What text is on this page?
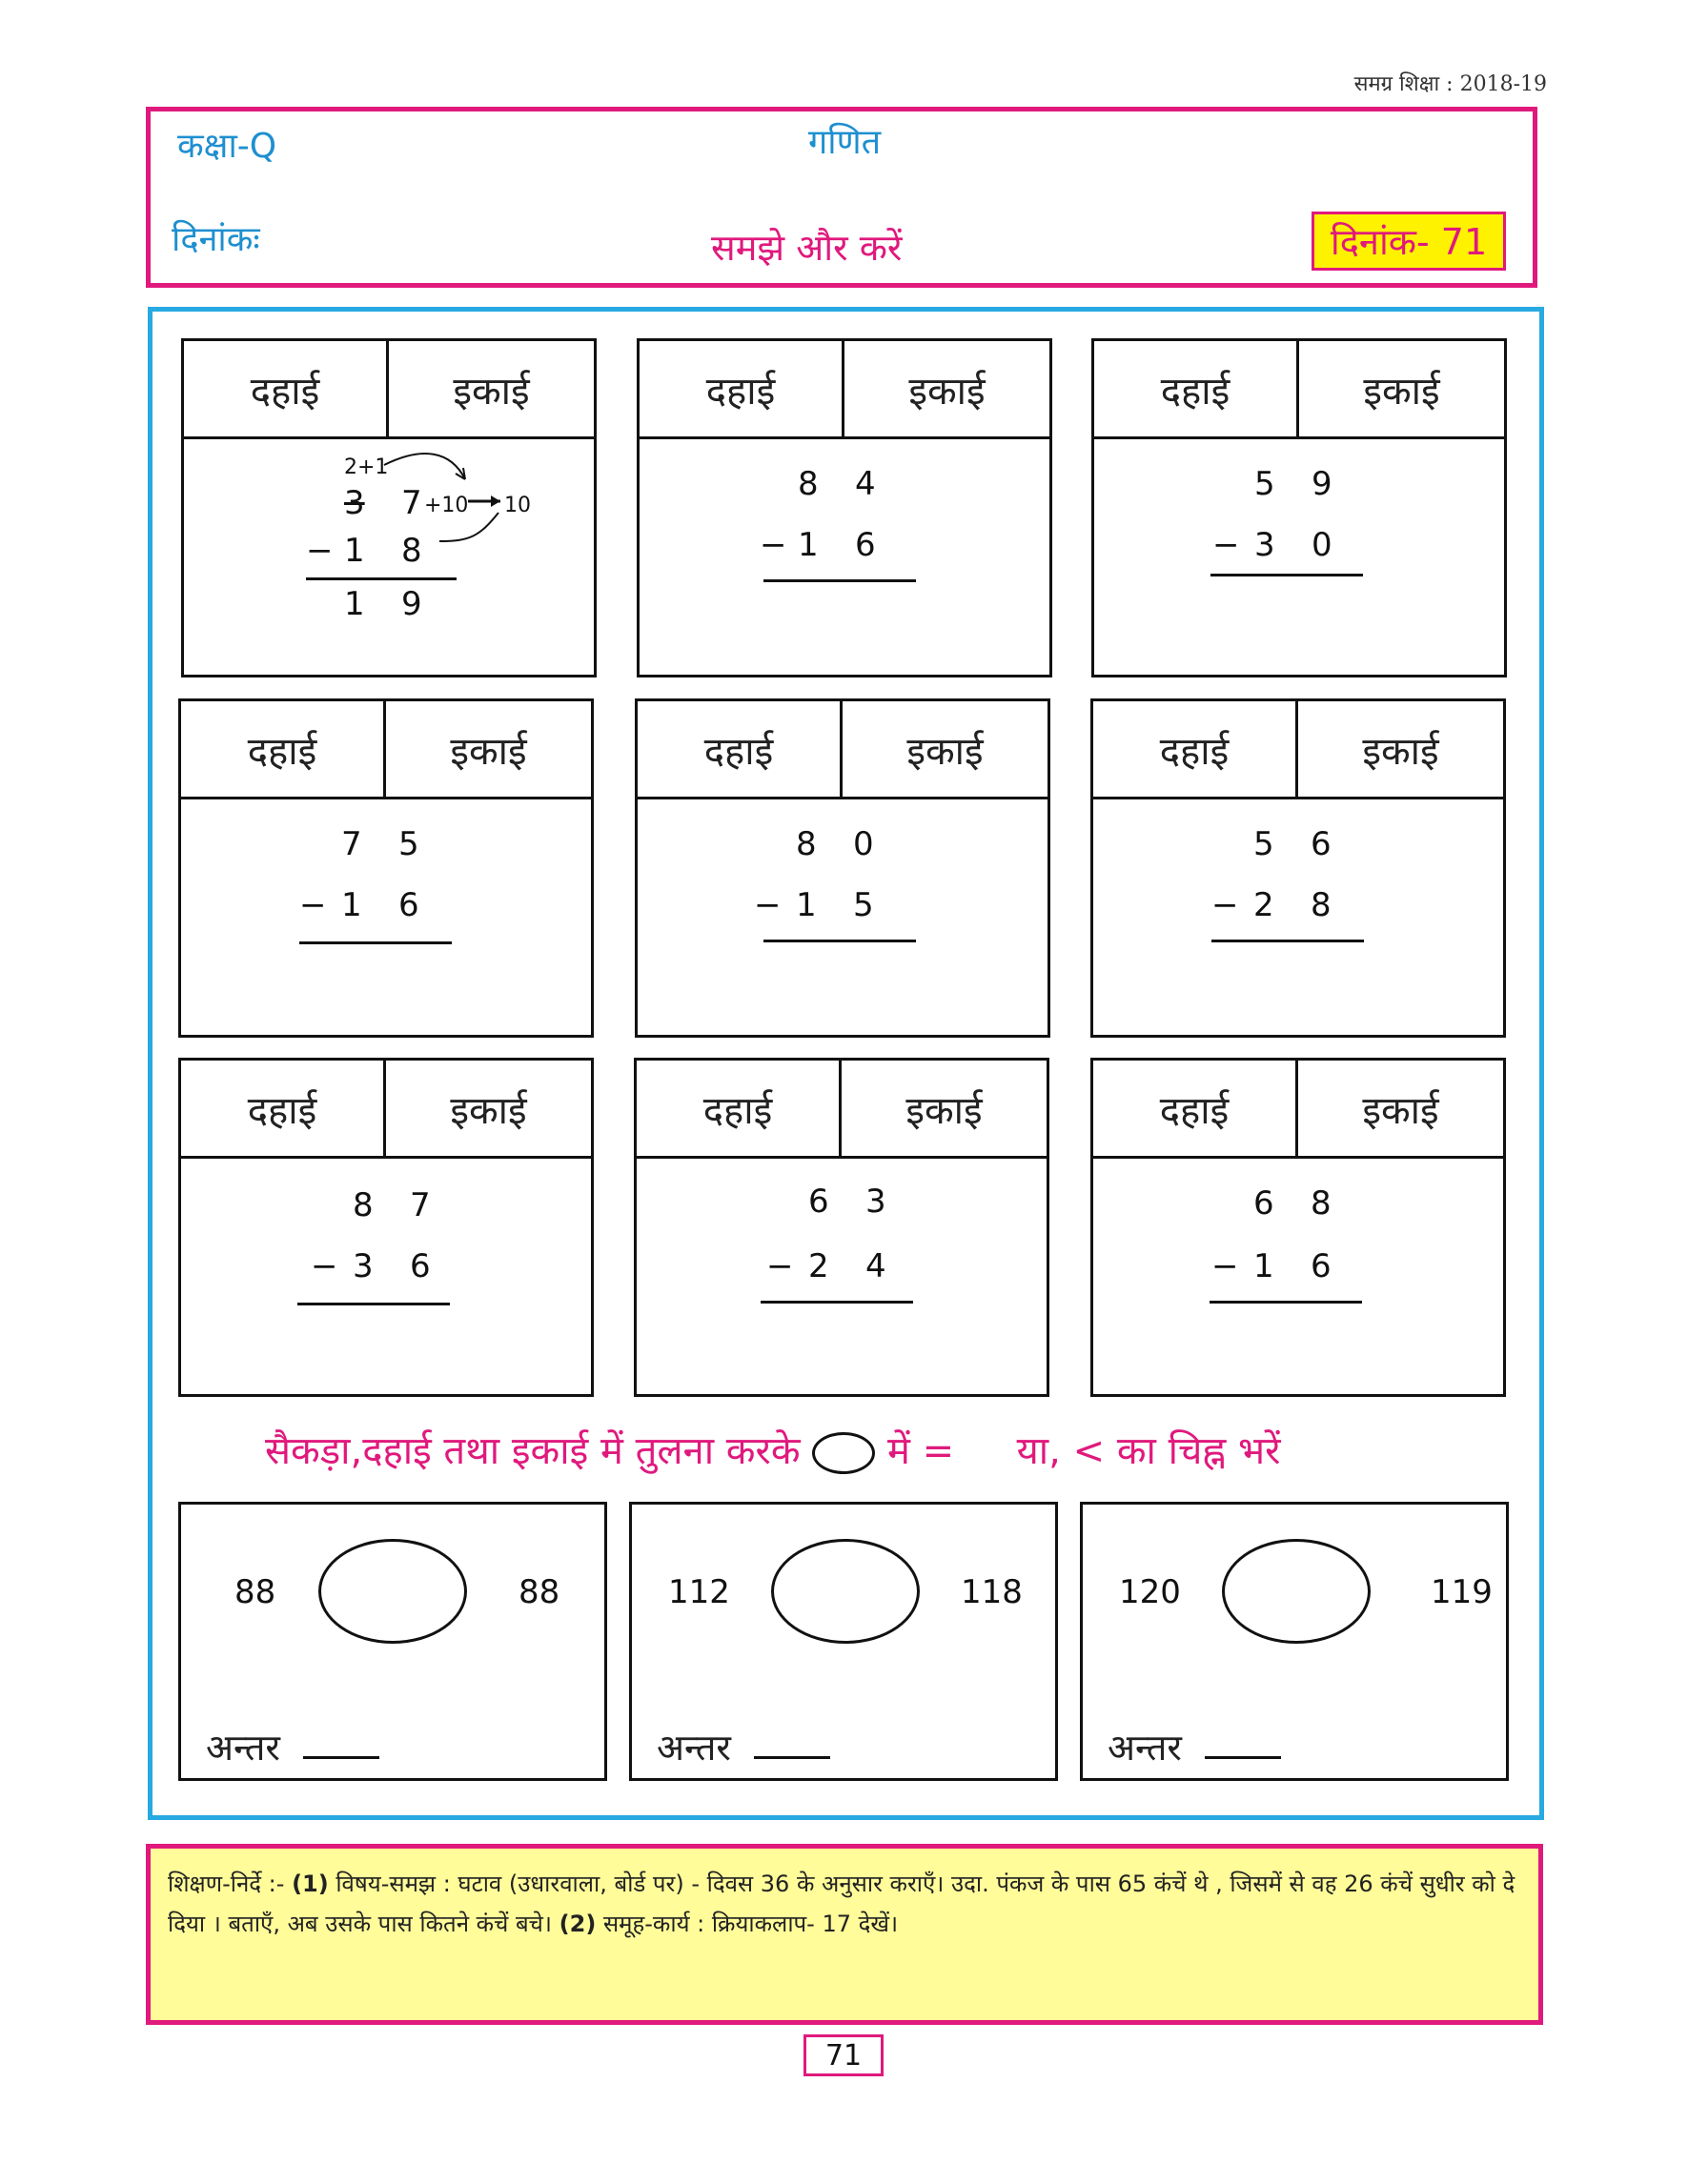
समग्र शिक्षा : 2018-19
कक्षा-Q	गणित
दिनांकः	समझे और करें	दिनांक- 71
दहाई	इकाई
2+1
3 7 +10 10
− 1 8
1 9
दहाई	इकाई
8 4
− 1 6
दहाई	इकाई
5 9
− 3 0
दहाई	इकाई
7 5
− 1 6
दहाई	इकाई
8 0
− 1 5
दहाई	इकाई
5 6
− 2 8
दहाई	इकाई
8 7
− 3 6
दहाई	इकाई
6 3
− 2 4
दहाई	इकाई
6 8
− 1 6
सैकड़ा,दहाई तथा इकाई में तुलना करके में = या, < का चिह्न भरें
88	88
अन्तर
112	118
अन्तर
120	119
अन्तर
शिक्षण-निर्दे :- (1) विषय-समझ : घटाव (उधारवाला, बोर्ड पर) - दिवस 36 के अनुसार कराएँ। उदा. पंकज के पास 65 कंचें थे , जिसमें से वह 26 कंचें सुधीर को दे दिया । बताएँ, अब उसके पास कितने कंचें बचे। (2) समूह-कार्य : क्रियाकलाप- 17 देखें।
71
